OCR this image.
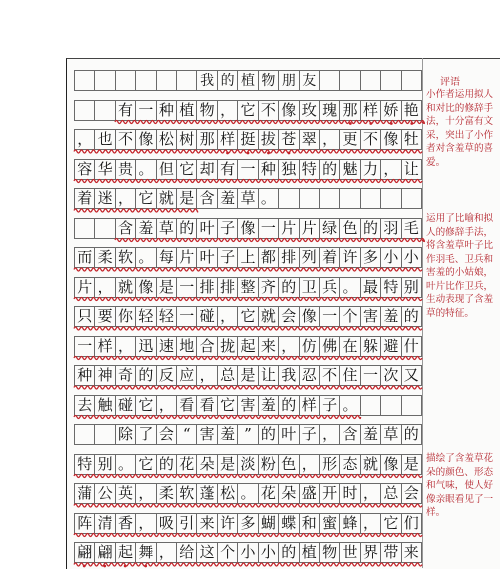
我 的 植 物 朋 友
有 一 种 植 物 ， 它 不 像 玫 瑰 那 样 娇 艳
， 也 不 像 松 树 那 样 挺 拔 苍 翠 ， 更 不 像 牡
容 华 贵 。 但 它 却 有 一 种 独 特 的 魅 力 ， 让
着 迷 ， 它 就 是 含 羞 草 。
含 羞 草 的 叶 子 像 一 片 片 绿 色 的 羽 毛
而 柔 软 。 每 片 叶 子 上 都 排 列 着 许 多 小 小
片 ， 就 像 是 一 排 排 整 齐 的 卫 兵 。 最 特 别
只 要 你 轻 轻 一 碰 ， 它 就 会 像 一 个 害 羞 的
一 样 ， 迅 速 地 合 拢 起 来 ， 仿 佛 在 躲 避 什
种 神 奇 的 反 应 ， 总 是 让 我 忍 不 住 一 次 又
去 触 碰 它 ， 看 看 它 害 羞 的 样 子 。
除 了 会 “ 害 羞 ” 的 叶 子 ， 含 羞 草 的
特 别 。 它 的 花 朵 是 淡 粉 色 ， 形 态 就 像 是
蒲 公 英 ， 柔 软 蓬 松 。 花 朵 盛 开 时 ， 总 会
阵 清 香 ， 吸 引 来 许 多 蝴 蝶 和 蜜 蜂 ， 它 们
翩 翩 起 舞 ， 给 这 个 小 小 的 植 物 世 界 带 来
评语
小作者运用拟人和对比的修辞手法，十分富有文采，突出了小作者对含羞草的喜爱。
运用了比喻和拟人的修辞手法，将含羞草叶子比作羽毛、卫兵和害羞的小姑娘，叶片比作卫兵，生动表现了含羞草的特征。
描绘了含羞草花朵的颜色、形态和气味，使人好像亲眼看见了一样。
